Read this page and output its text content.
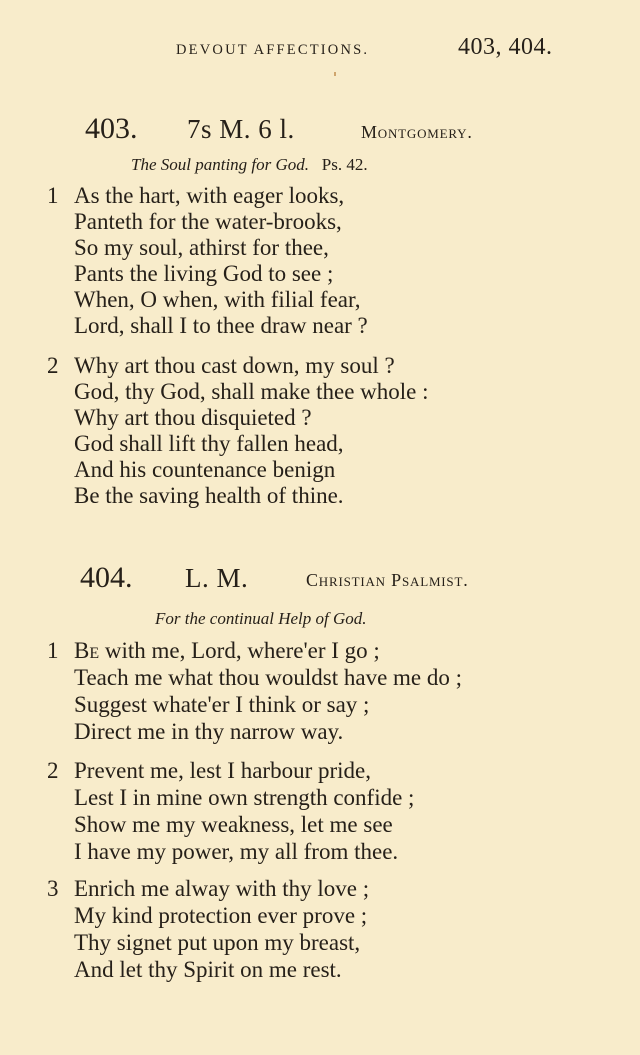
DEVOUT AFFECTIONS.	403, 404.
403. 7s M. 6 l.	Montgomery.
The Soul panting for God. Ps. 42.
1 As the hart, with eager looks,
Panteth for the water-brooks,
So my soul, athirst for thee,
Pants the living God to see ;
When, O when, with filial fear,
Lord, shall I to thee draw near ?
2 Why art thou cast down, my soul ?
God, thy God, shall make thee whole :
Why art thou disquieted ?
God shall lift thy fallen head,
And his countenance benign
Be the saving health of thine.
404. L. M.	Christian Psalmist.
For the continual Help of God.
1 Be with me, Lord, where'er I go ;
Teach me what thou wouldst have me do ;
Suggest whate'er I think or say ;
Direct me in thy narrow way.
2 Prevent me, lest I harbour pride,
Lest I in mine own strength confide ;
Show me my weakness, let me see
I have my power, my all from thee.
3 Enrich me alway with thy love ;
My kind protection ever prove ;
Thy signet put upon my breast,
And let thy Spirit on me rest.
